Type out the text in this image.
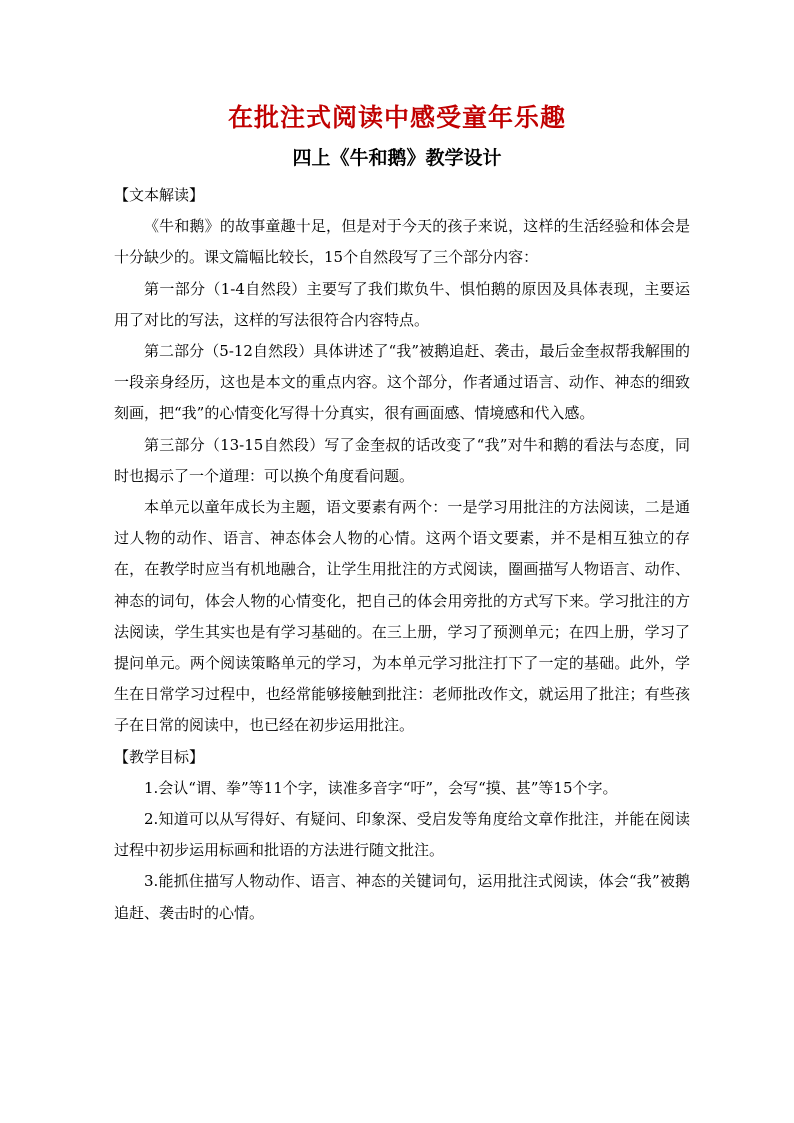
在批注式阅读中感受童年乐趣
四上《牛和鹅》教学设计

【文本解读】

《牛和鹅》的故事童趣十足，但是对于今天的孩子来说，这样的生活经验和体会是十分缺少的。课文篇幅比较长，15个自然段写了三个部分内容：

第一部分（1-4自然段）主要写了我们欺负牛、惧怕鹅的原因及具体表现，主要运用了对比的写法，这样的写法很符合内容特点。

第二部分（5-12自然段）具体讲述了“我”被鹅追赶、袭击，最后金奎叔帮我解围的一段亲身经历，这也是本文的重点内容。这个部分，作者通过语言、动作、神态的细致刻画，把“我”的心情变化写得十分真实，很有画面感、情境感和代入感。

第三部分（13-15自然段）写了金奎叔的话改变了“我”对牛和鹅的看法与态度，同时也揭示了一个道理：可以换个角度看问题。

本单元以童年成长为主题，语文要素有两个：一是学习用批注的方法阅读，二是通过人物的动作、语言、神态体会人物的心情。这两个语文要素，并不是相互独立的存在，在教学时应当有机地融合，让学生用批注的方式阅读，圈画描写人物语言、动作、神态的词句，体会人物的心情变化，把自己的体会用旁批的方式写下来。学习批注的方法阅读，学生其实也是有学习基础的。在三上册，学习了预测单元；在四上册，学习了提问单元。两个阅读策略单元的学习，为本单元学习批注打下了一定的基础。此外，学生在日常学习过程中，也经常能够接触到批注：老师批改作文，就运用了批注；有些孩子在日常的阅读中，也已经在初步运用批注。

【教学目标】

1.会认“谓、拳”等11个字，读准多音字“吁”，会写“摸、甚”等15个字。

2.知道可以从写得好、有疑问、印象深、受启发等角度给文章作批注，并能在阅读过程中初步运用标画和批语的方法进行随文批注。

3.能抓住描写人物动作、语言、神态的关键词句，运用批注式阅读，体会“我”被鹅追赶、袭击时的心情。
